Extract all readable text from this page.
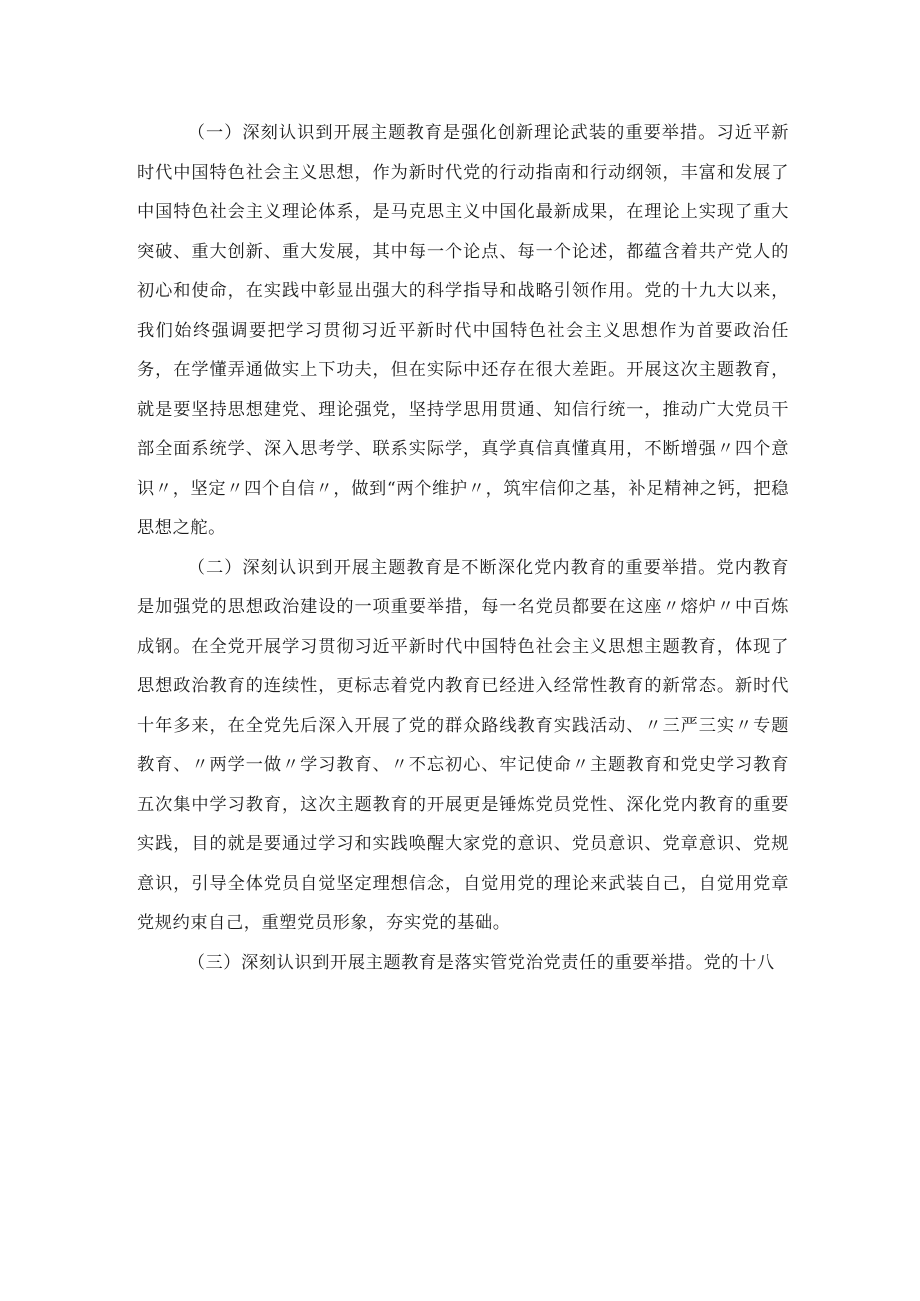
（一）深刻认识到开展主题教育是强化创新理论武装的重要举措。习近平新时代中国特色社会主义思想，作为新时代党的行动指南和行动纲领，丰富和发展了中国特色社会主义理论体系，是马克思主义中国化最新成果，在理论上实现了重大突破、重大创新、重大发展，其中每一个论点、每一个论述，都蕴含着共产党人的初心和使命，在实践中彰显出强大的科学指导和战略引领作用。党的十九大以来，我们始终强调要把学习贯彻习近平新时代中国特色社会主义思想作为首要政治任务，在学懂弄通做实上下功夫，但在实际中还存在很大差距。开展这次主题教育，就是要坚持思想建党、理论强党，坚持学思用贯通、知信行统一，推动广大党员干部全面系统学、深入思考学、联系实际学，真学真信真懂真用，不断增强〃四个意识〃，坚定〃四个自信〃，做到“两个维护〃，筑牢信仰之基，补足精神之钙，把稳思想之舵。

（二）深刻认识到开展主题教育是不断深化党内教育的重要举措。党内教育是加强党的思想政治建设的一项重要举措，每一名党员都要在这座〃熔炉〃中百炼成钢。在全党开展学习贯彻习近平新时代中国特色社会主义思想主题教育，体现了思想政治教育的连续性，更标志着党内教育已经进入经常性教育的新常态。新时代十年多来，在全党先后深入开展了党的群众路线教育实践活动、〃三严三实〃专题教育、〃两学一做〃学习教育、〃不忘初心、牢记使命〃主题教育和党史学习教育五次集中学习教育，这次主题教育的开展更是锤炼党员党性、深化党内教育的重要实践，目的就是要通过学习和实践唤醒大家党的意识、党员意识、党章意识、党规意识，引导全体党员自觉坚定理想信念，自觉用党的理论来武装自己，自觉用党章党规约束自己，重塑党员形象，夯实党的基础。

（三）深刻认识到开展主题教育是落实管党治党责任的重要举措。党的十八
